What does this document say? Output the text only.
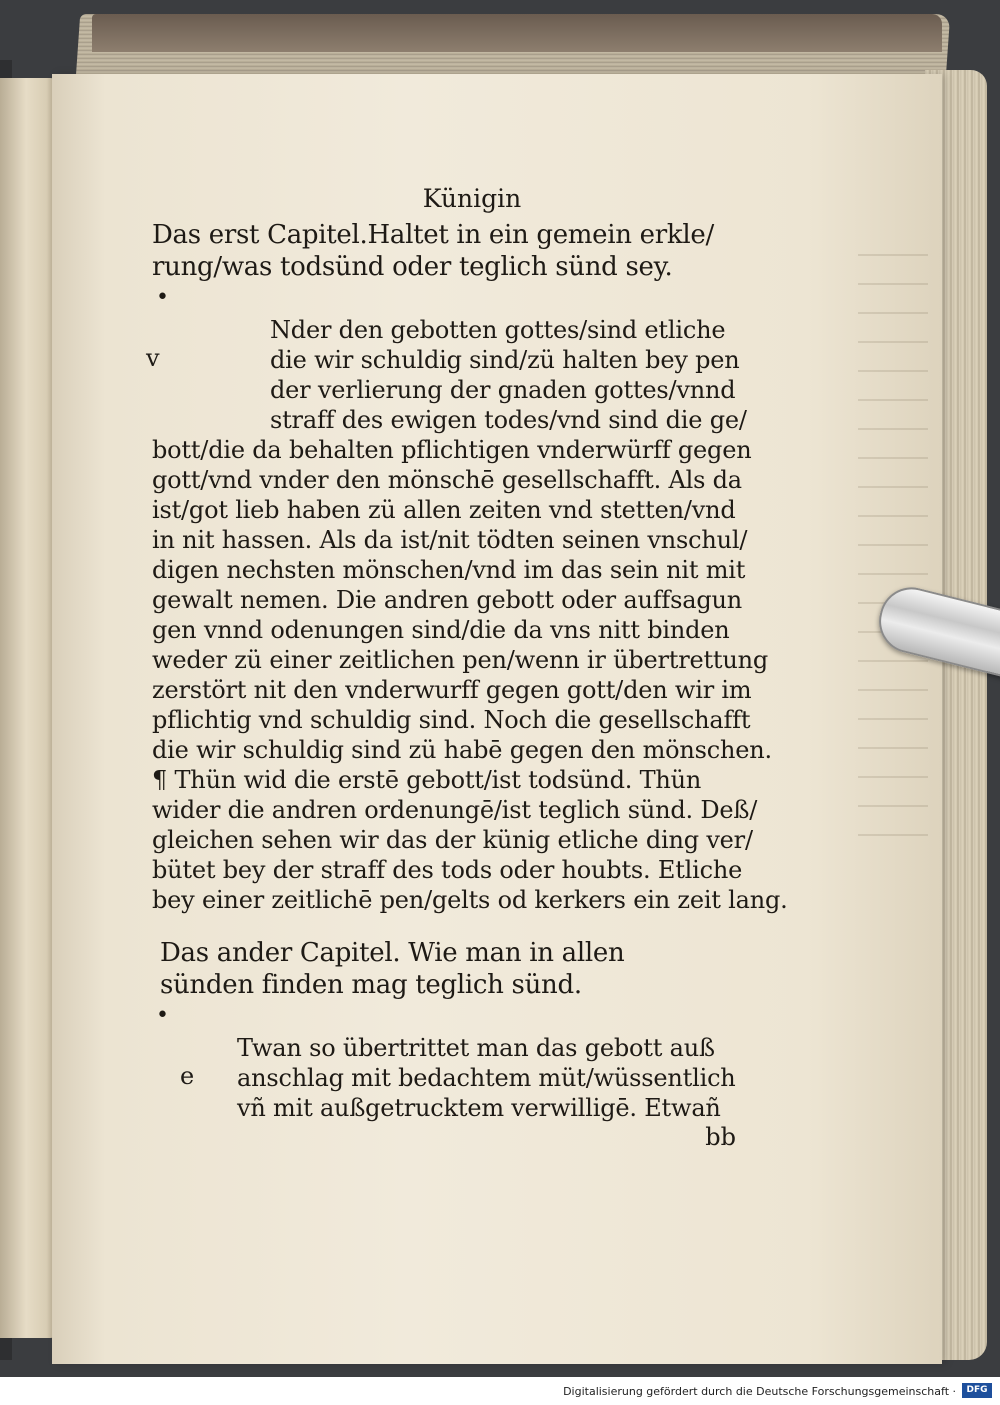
Künigin
Das erst Capitel.Haltet in ein gemein erkle/
rung/was todsünd oder teglich sünd sey.
•
v
Nder den gebotten gottes/sind etliche
die wir schuldig sind/zü halten bey pen
der verlierung der gnaden gottes/vnnd
straff des ewigen todes/vnd sind die ge/
bott/die da behalten pflichtigen vnderwürff gegen
gott/vnd vnder den mönschē gesellschafft. Als da
ist/got lieb haben zü allen zeiten vnd stetten/vnd
in nit hassen. Als da ist/nit tödten seinen vnschul/
digen nechsten mönschen/vnd im das sein nit mit
gewalt nemen. Die andren gebott oder auffsagun
gen vnnd odenungen sind/die da vns nitt binden
weder zü einer zeitlichen pen/wenn ir übertrettung
zerstört nit den vnderwurff gegen gott/den wir im
pflichtig vnd schuldig sind. Noch die gesellschafft
die wir schuldig sind zü habē gegen den mönschen.
¶ Thün wid die erstē gebott/ist todsünd. Thün
wider die andren ordenungē/ist teglich sünd. Deß/
gleichen sehen wir das der künig etliche ding ver/
bütet bey der straff des tods oder houbts. Etliche
bey einer zeitlichē pen/gelts od kerkers ein zeit lang.
Das ander Capitel. Wie man in allen
sünden finden mag teglich sünd.
•
e
Twan so übertrittet man das gebott auß
anschlag mit bedachtem müt/wüssentlich
vñ mit außgetrucktem verwilligē. Etwañ
bb
Digitalisierung gefördert durch die Deutsche Forschungsgemeinschaft ·	DFG
